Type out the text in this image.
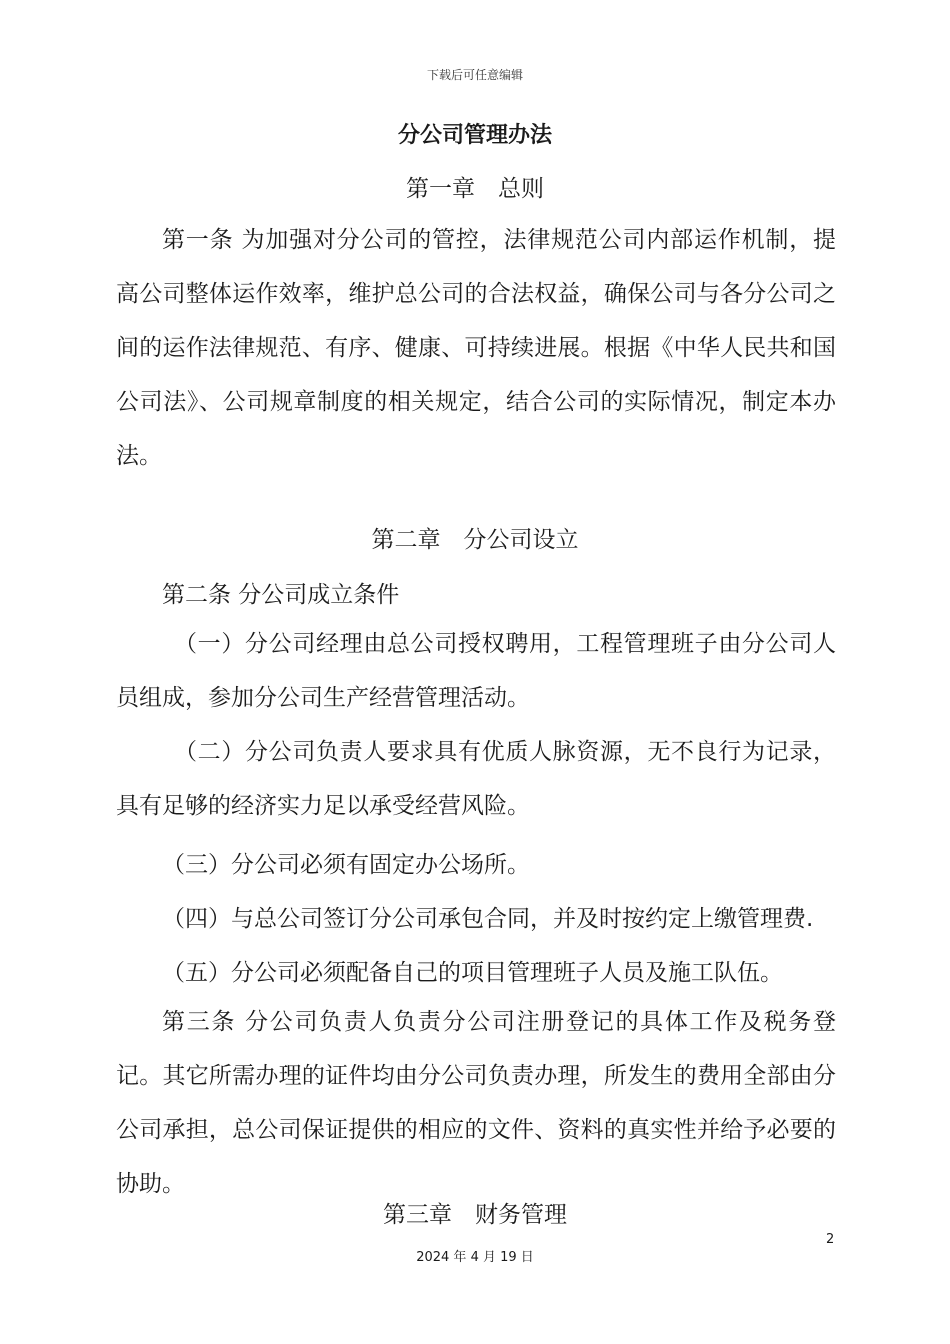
下载后可任意编辑
分公司管理办法
第一章　总则
第一条 为加强对分公司的管控，法律规范公司内部运作机制，提高公司整体运作效率，维护总公司的合法权益，确保公司与各分公司之间的运作法律规范、有序、健康、可持续进展。根据《中华人民共和国公司法》、公司规章制度的相关规定，结合公司的实际情况，制定本办法。
第二章　分公司设立
第二条 分公司成立条件
（一）分公司经理由总公司授权聘用，工程管理班子由分公司人员组成，参加分公司生产经营管理活动。
（二）分公司负责人要求具有优质人脉资源，无不良行为记录，具有足够的经济实力足以承受经营风险。
（三）分公司必须有固定办公场所。
（四）与总公司签订分公司承包合同，并及时按约定上缴管理费.
（五）分公司必须配备自己的项目管理班子人员及施工队伍。
第三条 分公司负责人负责分公司注册登记的具体工作及税务登记。其它所需办理的证件均由分公司负责办理，所发生的费用全部由分公司承担，总公司保证提供的相应的文件、资料的真实性并给予必要的协助。
第三章　财务管理
2
2024 年 4 月 19 日
